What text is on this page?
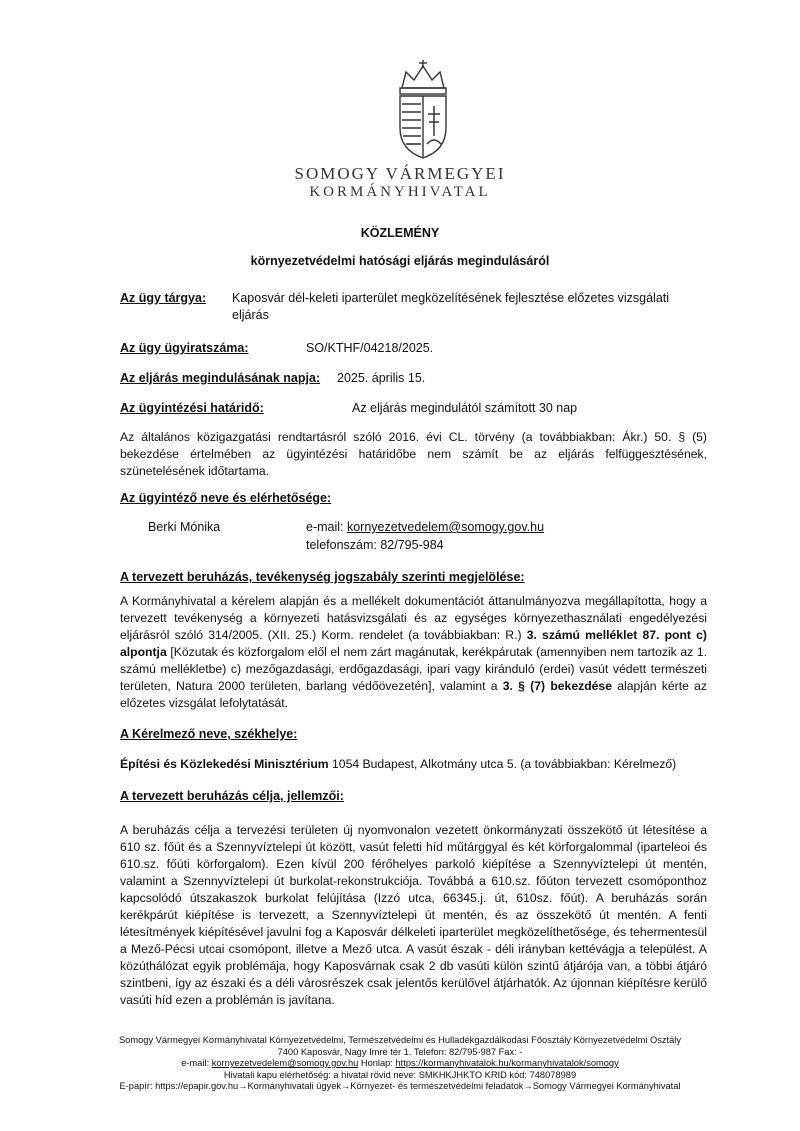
SOMOGY VÁRMEGYEI
KORMÁNYHIVATAL
KÖZLEMÉNY
környezetvédelmi hatósági eljárás megindulásáról
Az ügy tárgya: Kaposvár dél-keleti iparterület megközelítésének fejlesztése előzetes vizsgálati
eljárás
Az ügy ügyiratszáma:	SO/KTHF/04218/2025.
Az eljárás megindulásának napja: 2025. április 15.
Az ügyintézési határidő:	Az eljárás megindulától számított 30 nap
Az általános közigazgatási rendtartásról szóló 2016. évi CL. törvény (a továbbiakban: Ákr.) 50. § (5) bekezdése értelmében az ügyintézési határidőbe nem számít be az eljárás felfüggesztésének, szünetelésének időtartama.
Az ügyintéző neve és elérhetősége:
Berki Mónika	e-mail: kornyezetvedelem@somogy.gov.hu
telefonszám: 82/795-984
A tervezett beruházás, tevékenység jogszabály szerinti megjelölése:
A Kormányhivatal a kérelem alapján és a mellékelt dokumentációt áttanulmányozva megállapította, hogy a tervezett tevékenység a környezeti hatásvizsgálati és az egységes környezethasználati engedélyezési eljárásról szóló 314/2005. (XII. 25.) Korm. rendelet (a továbbiakban: R.) 3. számú melléklet 87. pont c) alpontja [Közutak és közforgalom elől el nem zárt magánutak, kerékpárutak (amennyiben nem tartozik az 1. számú mellékletbe) c) mezőgazdasági, erdőgazdasági, ipari vagy kiránduló (erdei) vasút védett természeti területen, Natura 2000 területen, barlang védőövezetén], valamint a 3. § (7) bekezdése alapján kérte az előzetes vizsgálat lefolytatását.
A Kérelmező neve, székhelye:
Építési és Közlekedési Minisztérium 1054 Budapest, Alkotmány utca 5. (a továbbiakban: Kérelmező)
A tervezett beruházás célja, jellemzői:
A beruházás célja a tervezési területen új nyomvonalon vezetett önkormányzati összekötő út létesítése a 610 sz. főút és a Szennyvíztelepi út között, vasút feletti híd műtárggyal és két körforgalommal (iparteleoi és 610.sz. főúti körforgalom). Ezen kívül 200 férőhelyes parkoló kiépítése a Szennyvíztelepi út mentén, valamint a Szennyvíztelepi út burkolat-rekonstrukciója. Továbbá a 610.sz. főúton tervezett csomóponthoz kapcsolódó útszakaszok burkolat felújítása (Izzó utca, 66345.j. út, 610sz. főút). A beruházás során kerékpárút kiépítése is tervezett, a Szennyvíztelepi út mentén, és az összekötő út mentén. A fenti létesítmények kiépítésével javulni fog a Kaposvár délkeleti iparterület megközelíthetősége, és tehermentesül a Mező-Pécsi utcai csomópont, illetve a Mező utca. A vasút észak - déli irányban kettévágja a települést. A közúthálózat egyik problémája, hogy Kaposvárnak csak 2 db vasúti külön szintű átjárója van, a többi átjáró szintbeni, így az északi és a déli városrészek csak jelentős kerülővel átjárhatók. Az újonnan kiépítésre kerülő vasúti híd ezen a problémán is javítana.
Somogy Vármegyei Kormányhivatal Környezetvédelmi, Természetvédelmi és Hulladékgazdálkodási Főosztály Környezetvédelmi Osztály
7400 Kaposvár, Nagy Imre tér 1. Telefon: 82/795-987 Fax: -
e-mail: kornyezetvedelem@somogy.gov.hu Honlap: https://kormanyhivatalok.hu/kormanyhivatalok/somogy
Hivatali kapu elérhetőség: a hivatal rövid neve: SMKHKJHKTO KRID kód: 748078989
E-papír: https://epapir.gov.hu→Kormányhivatali ügyek→Környezet- és természetvédelmi feladatok→Somogy Vármegyei Kormányhivatal
